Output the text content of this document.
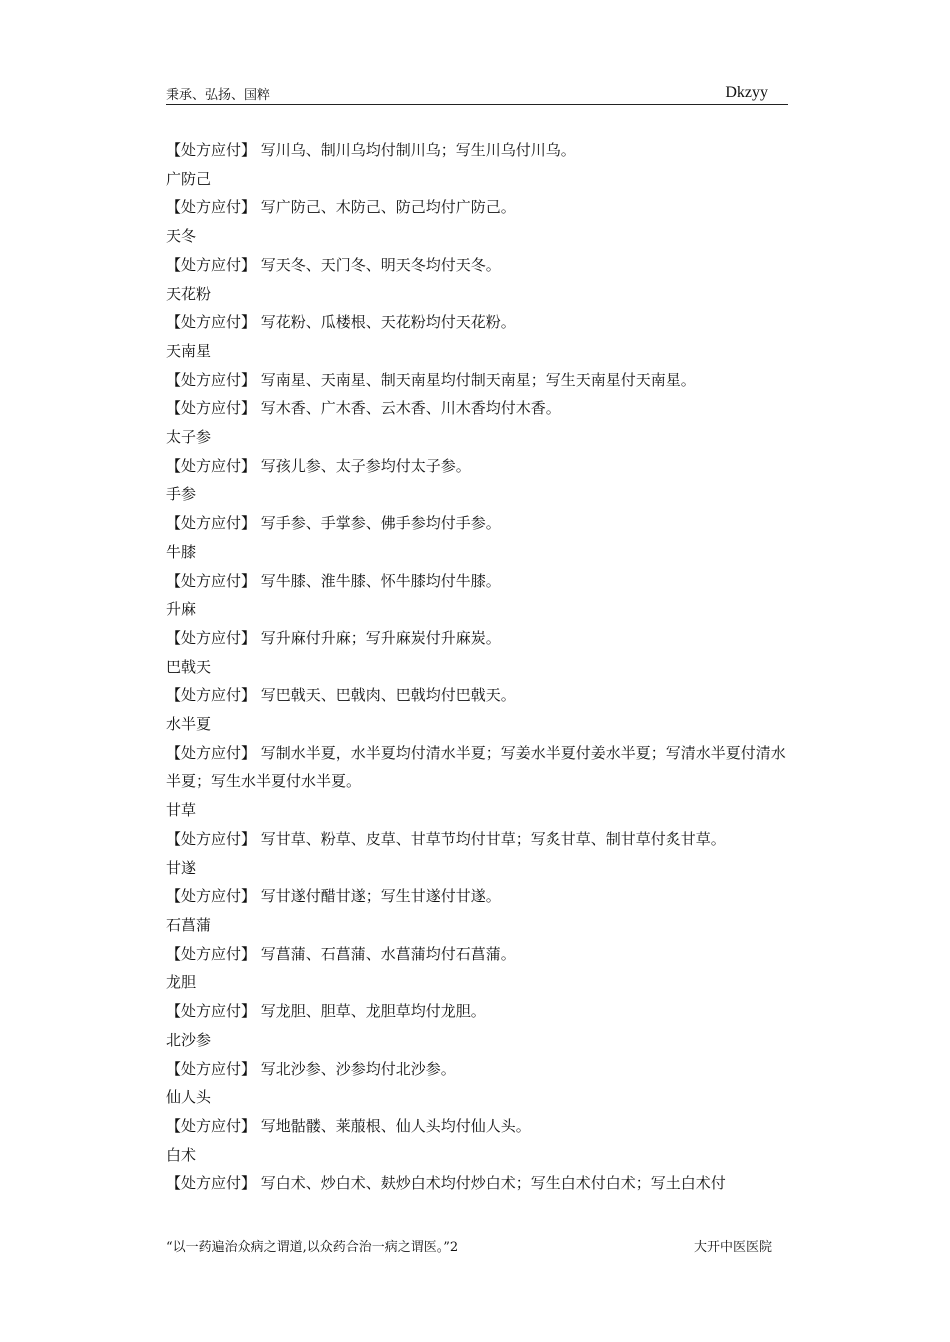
秉承、弘扬、国粹	Dkzyy

【处方应付】 写川乌、制川乌均付制川乌；写生川乌付川乌。

广防己

【处方应付】 写广防己、木防己、防己均付广防己。

天冬

【处方应付】 写天冬、天门冬、明天冬均付天冬。

天花粉

【处方应付】 写花粉、瓜楼根、天花粉均付天花粉。

天南星

【处方应付】 写南星、天南星、制天南星均付制天南星；写生天南星付天南星。

【处方应付】 写木香、广木香、云木香、川木香均付木香。

太子参

【处方应付】 写孩儿参、太子参均付太子参。

手参

【处方应付】 写手参、手掌参、佛手参均付手参。

牛膝

【处方应付】 写牛膝、淮牛膝、怀牛膝均付牛膝。

升麻

【处方应付】 写升麻付升麻；写升麻炭付升麻炭。

巴戟天

【处方应付】 写巴戟天、巴戟肉、巴戟均付巴戟天。

水半夏

【处方应付】 写制水半夏，水半夏均付清水半夏；写姜水半夏付姜水半夏；写清水半夏付清水半夏；写生水半夏付水半夏。

甘草

【处方应付】 写甘草、粉草、皮草、甘草节均付甘草；写炙甘草、制甘草付炙甘草。

甘遂

【处方应付】 写甘遂付醋甘遂；写生甘遂付甘遂。

石菖蒲

【处方应付】 写菖蒲、石菖蒲、水菖蒲均付石菖蒲。

龙胆

【处方应付】 写龙胆、胆草、龙胆草均付龙胆。

北沙参

【处方应付】 写北沙参、沙参均付北沙参。

仙人头

【处方应付】 写地骷髅、莱菔根、仙人头均付仙人头。

白术

【处方应付】 写白术、炒白术、麸炒白术均付炒白术；写生白术付白术；写土白术付

“以一药遍治众病之谓道,以众药合治一病之谓医。”2	大开中医医院
